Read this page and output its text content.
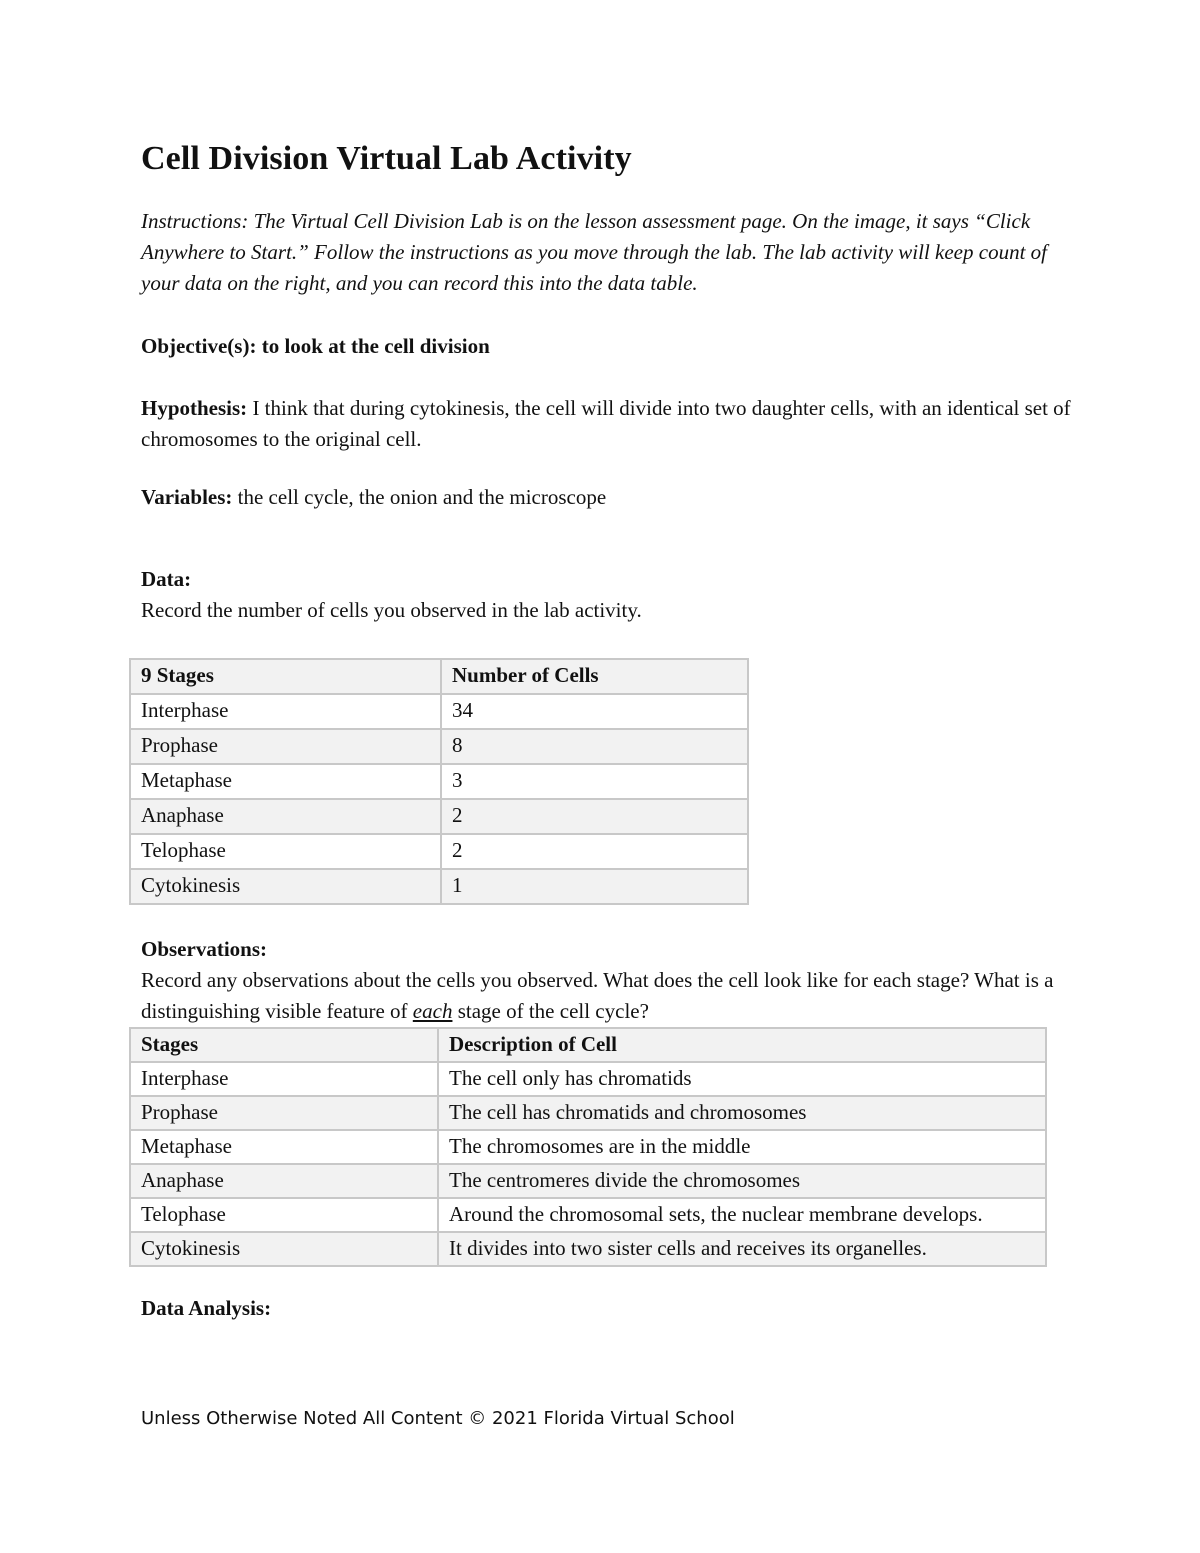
Cell Division Virtual Lab Activity

Instructions: The Virtual Cell Division Lab is on the lesson assessment page. On the image, it says “Click Anywhere to Start.” Follow the instructions as you move through the lab. The lab activity will keep count of your data on the right, and you can record this into the data table.

Objective(s): to look at the cell division

Hypothesis: I think that during cytokinesis, the cell will divide into two daughter cells, with an identical set of chromosomes to the original cell.

Variables: the cell cycle, the onion and the microscope

Data:

Record the number of cells you observed in the lab activity.

9 Stages	Number of Cells
Interphase	34
Prophase	8
Metaphase	3
Anaphase	2
Telophase	2
Cytokinesis	1

Observations:

Record any observations about the cells you observed. What does the cell look like for each stage? What is a distinguishing visible feature of each stage of the cell cycle?

Stages	Description of Cell
Interphase	The cell only has chromatids
Prophase	The cell has chromatids and chromosomes
Metaphase	The chromosomes are in the middle
Anaphase	The centromeres divide the chromosomes
Telophase	Around the chromosomal sets, the nuclear membrane develops.
Cytokinesis	It divides into two sister cells and receives its organelles.

Data Analysis:

Unless Otherwise Noted All Content © 2021 Florida Virtual School
